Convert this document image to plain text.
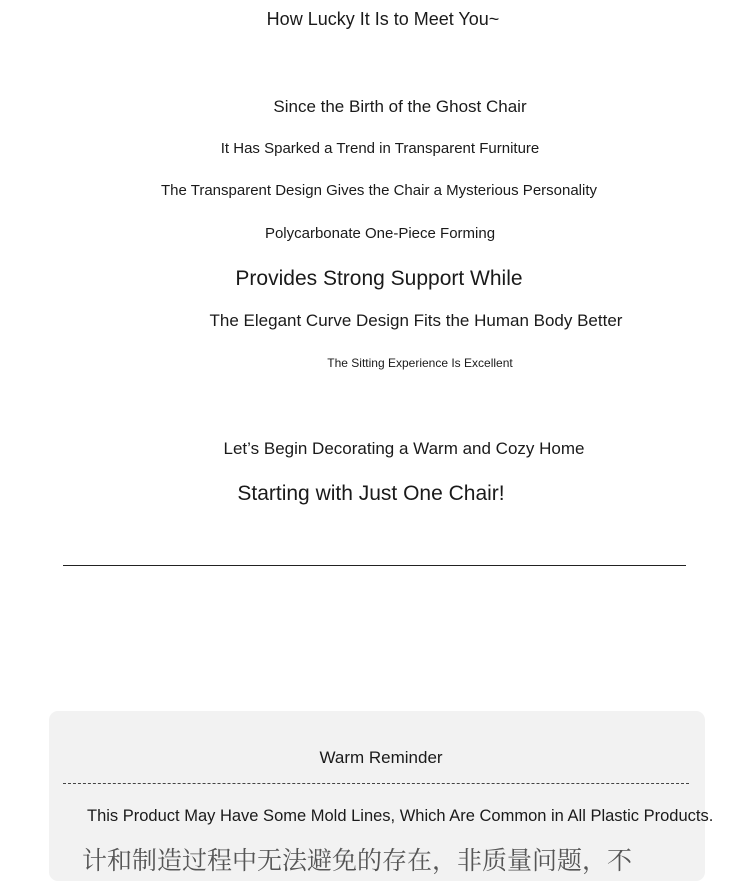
How Lucky It Is to Meet You~
Since the Birth of the Ghost Chair
It Has Sparked a Trend in Transparent Furniture
The Transparent Design Gives the Chair a Mysterious Personality
Polycarbonate One-Piece Forming
Provides Strong Support While
The Elegant Curve Design Fits the Human Body Better
The Sitting Experience Is Excellent
Let’s Begin Decorating a Warm and Cozy Home
Starting with Just One Chair!
Warm Reminder
This Product May Have Some Mold Lines, Which Are Common in All Plastic Products.
计和制造过程中无法避免的存在，非质量问题，不
